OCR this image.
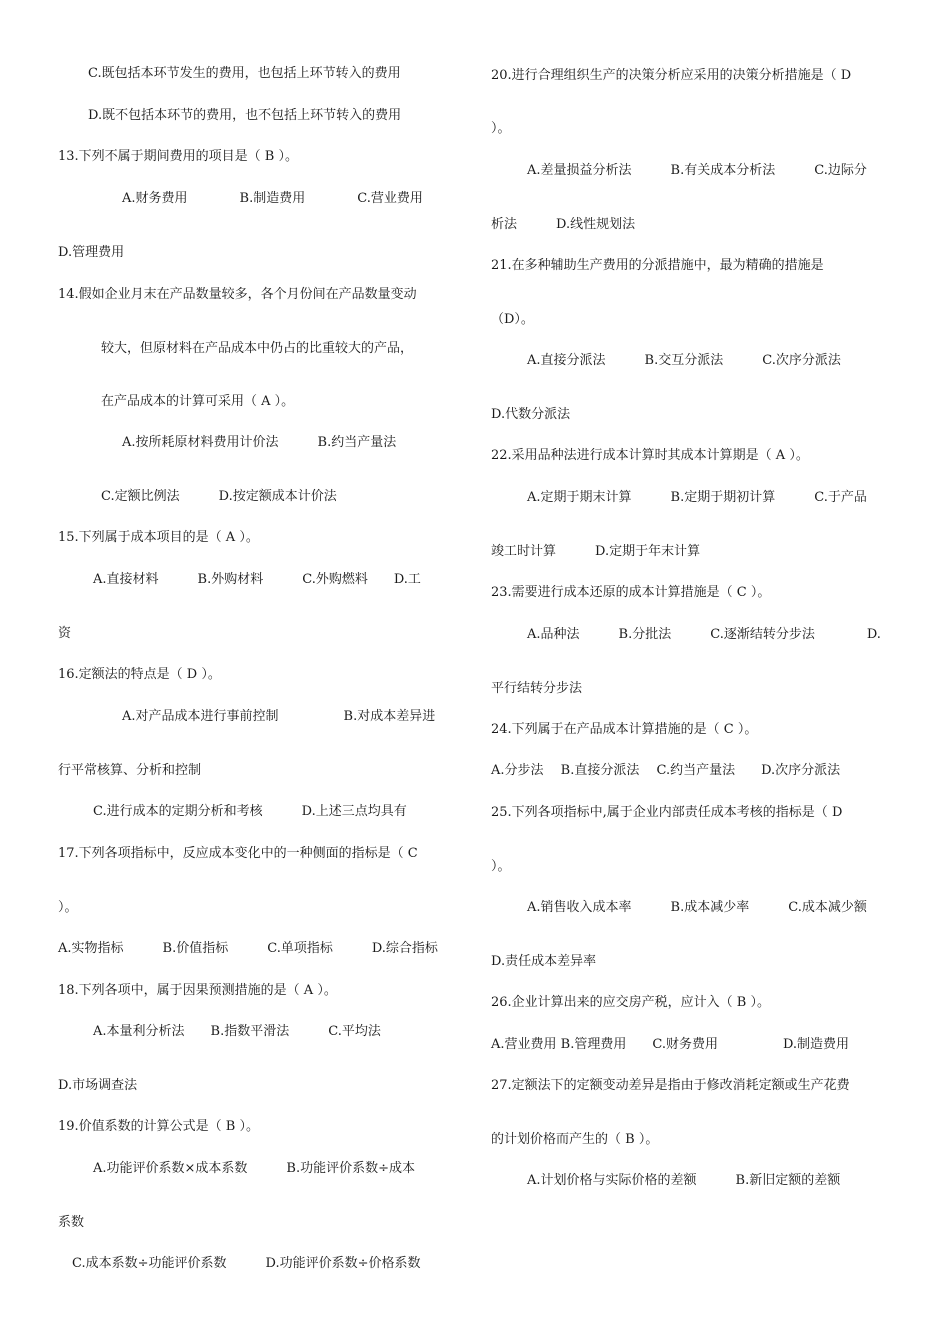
C.既包括本环节发生的费用，也包括上环节转入的费用
D.既不包括本环节的费用，也不包括上环节转入的费用
13.下列不属于期间费用的项目是（ B ）。
A.财务费用　　　　B.制造费用　　　　C.营业费用
D.管理费用
14.假如企业月末在产品数量较多，各个月份间在产品数量变动
较大，但原材料在产品成本中仍占的比重较大的产品，
在产品成本的计算可采用（ A ）。
A.按所耗原材料费用计价法　　　B.约当产量法
C.定额比例法　　　D.按定额成本计价法
15.下列属于成本项目的是（ A ）。
A.直接材料　　　B.外购材料　　　C.外购燃料　　D.工
资
16.定额法的特点是（ D ）。
A.对产品成本进行事前控制　　　　　B.对成本差异进
行平常核算、分析和控制
C.进行成本的定期分析和考核　　　D.上述三点均具有
17.下列各项指标中，反应成本变化中的一种侧面的指标是（ C
）。
A.实物指标　　　B.价值指标　　　C.单项指标　　　D.综合指标
18.下列各项中，属于因果预测措施的是（ A ）。
A.本量利分析法　　B.指数平滑法　　　C.平均法
D.市场调查法
19.价值系数的计算公式是（ B ）。
A.功能评价系数×成本系数　　　B.功能评价系数÷成本
系数
C.成本系数÷功能评价系数　　　D.功能评价系数÷价格系数
20.进行合理组织生产的决策分析应采用的决策分析措施是（ D
）。
A.差量损益分析法　　　B.有关成本分析法　　　C.边际分
析法　　　D.线性规划法
21.在多种辅助生产费用的分派措施中，最为精确的措施是
（D）。
A.直接分派法　　　B.交互分派法　　　C.次序分派法
D.代数分派法
22.采用品种法进行成本计算时其成本计算期是（ A ）。
A.定期于期末计算　　　B.定期于期初计算　　　C.于产品
竣工时计算　　　D.定期于年末计算
23.需要进行成本还原的成本计算措施是（ C ）。
A.品种法　　　B.分批法　　　C.逐渐结转分步法　　　　D.
平行结转分步法
24.下列属于在产品成本计算措施的是（ C ）。
A.分步法　 B.直接分派法　 C.约当产量法　　D.次序分派法
25.下列各项指标中,属于企业内部责任成本考核的指标是（ D
）。
A.销售收入成本率　　　B.成本减少率　　　C.成本减少额
D.责任成本差异率
26.企业计算出来的应交房产税，应计入（ B ）。
A.营业费用 B.管理费用　　C.财务费用　　　　　D.制造费用
27.定额法下的定额变动差异是指由于修改消耗定额或生产花费
的计划价格而产生的（ B ）。
A.计划价格与实际价格的差额　　　B.新旧定额的差额
